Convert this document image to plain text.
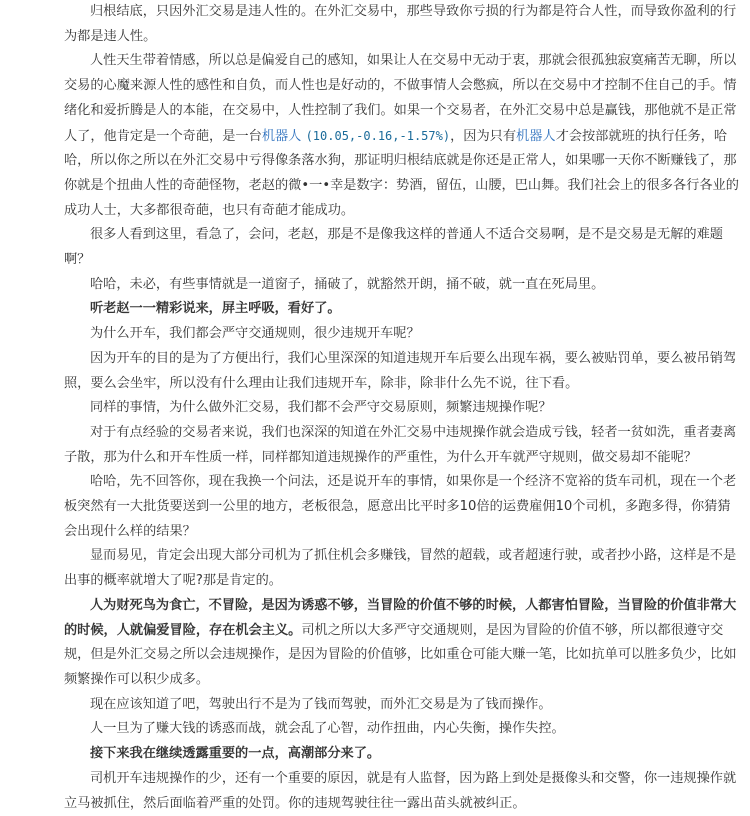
归根结底，只因外汇交易是违人性的。在外汇交易中，那些导致你亏损的行为都是符合人性，而导致你盈利的行为都是违人性。

人性天生带着情感，所以总是偏爱自己的感知，如果让人在交易中无动于衷，那就会很孤独寂寞痛苦无聊，所以交易的心魔来源人性的感性和自负，而人性也是好动的，不做事情人会憋疯，所以在交易中才控制不住自己的手。情绪化和爱折腾是人的本能，在交易中，人性控制了我们。如果一个交易者，在外汇交易中总是赢钱，那他就不是正常人了，他肯定是一个奇葩，是一台机器人 (10.05,-0.16,-1.57%)，因为只有机器人才会按部就班的执行任务，哈哈，所以你之所以在外汇交易中亏得像条落水狗，那证明归根结底就是你还是正常人，如果哪一天你不断赚钱了，那你就是个扭曲人性的奇葩怪物，老赵的微•一•幸是数字：势酒，留伍，山腰，巴山舞。我们社会上的很多各行各业的成功人士，大多都很奇葩，也只有奇葩才能成功。

很多人看到这里，看急了，会问，老赵，那是不是像我这样的普通人不适合交易啊，是不是交易是无解的难题啊？

哈哈，未必，有些事情就是一道窗子，捅破了，就豁然开朗，捅不破，就一直在死局里。

听老赵一一精彩说来，屏主呼吸，看好了。

为什么开车，我们都会严守交通规则，很少违规开车呢？

因为开车的目的是为了方便出行，我们心里深深的知道违规开车后要么出现车祸，要么被贴罚单，要么被吊销驾照，要么会坐牢，所以没有什么理由让我们违规开车，除非，除非什么先不说，往下看。

同样的事情，为什么做外汇交易，我们都不会严守交易原则，频繁违规操作呢？

对于有点经验的交易者来说，我们也深深的知道在外汇交易中违规操作就会造成亏钱，轻者一贫如洗，重者妻离子散，那为什么和开车性质一样，同样都知道违规操作的严重性，为什么开车就严守规则，做交易却不能呢？

哈哈，先不回答你，现在我换一个问法，还是说开车的事情，如果你是一个经济不宽裕的货车司机，现在一个老板突然有一大批货要送到一公里的地方，老板很急，愿意出比平时多10倍的运费雇佣10个司机，多跑多得，你猜猜会出现什么样的结果？

显而易见，肯定会出现大部分司机为了抓住机会多赚钱，冒然的超载，或者超速行驶，或者抄小路，这样是不是出事的概率就增大了呢?那是肯定的。

人为财死鸟为食亡，不冒险，是因为诱惑不够，当冒险的价值不够的时候，人都害怕冒险，当冒险的价值非常大的时候，人就偏爱冒险，存在机会主义。司机之所以大多严守交通规则，是因为冒险的价值不够，所以都很遵守交规，但是外汇交易之所以会违规操作，是因为冒险的价值够，比如重仓可能大赚一笔，比如抗单可以胜多负少，比如频繁操作可以积少成多。

现在应该知道了吧，驾驶出行不是为了钱而驾驶，而外汇交易是为了钱而操作。

人一旦为了赚大钱的诱惑而战，就会乱了心智，动作扭曲，内心失衡，操作失控。

接下来我在继续透露重要的一点，高潮部分来了。

司机开车违规操作的少，还有一个重要的原因，就是有人监督，因为路上到处是摄像头和交警，你一违规操作就立马被抓住，然后面临着严重的处罚。你的违规驾驶往往一露出苗头就被纠正。
